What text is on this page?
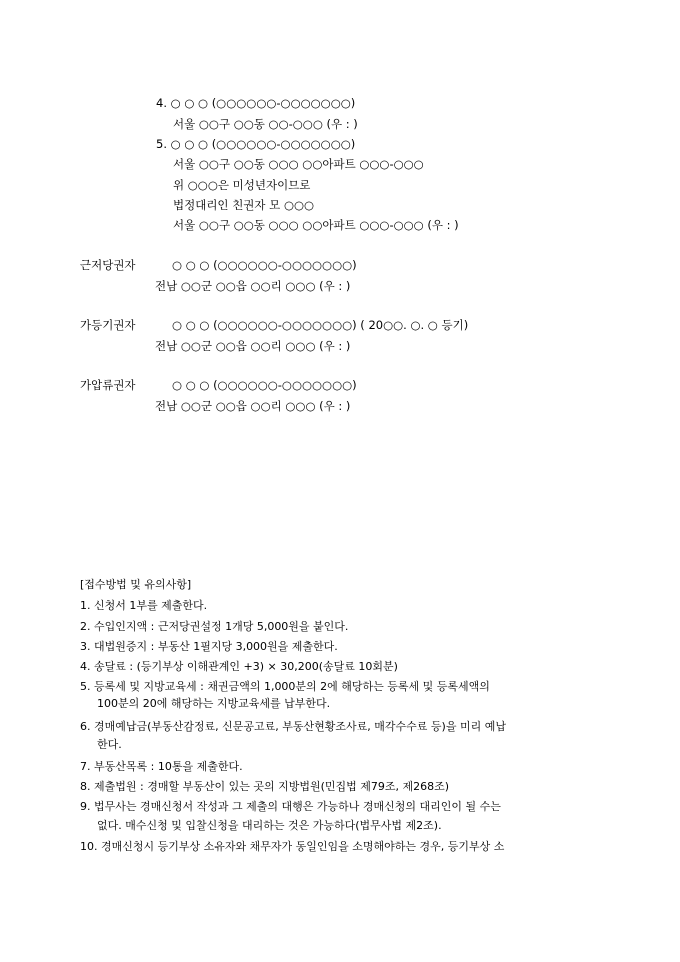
4. ○ ○ ○ (○○○○○○-○○○○○○○)
서울 ○○구 ○○동 ○○-○○○ (우 : )
5. ○ ○ ○ (○○○○○○-○○○○○○○)
서울 ○○구 ○○동 ○○○ ○○아파트 ○○○-○○○
위 ○○○은 미성년자이므로
법정대리인 친권자 모 ○○○
서울 ○○구 ○○동 ○○○ ○○아파트 ○○○-○○○ (우 : )
근저당권자	○ ○ ○ (○○○○○○-○○○○○○○)
전남 ○○군 ○○읍 ○○리 ○○○ (우 : )
가등기권자	○ ○ ○ (○○○○○○-○○○○○○○) ( 20○○. ○. ○ 등기)
전남 ○○군 ○○읍 ○○리 ○○○ (우 : )
가압류권자	○ ○ ○ (○○○○○○-○○○○○○○)
전남 ○○군 ○○읍 ○○리 ○○○ (우 : )
[접수방법 및 유의사항]
1. 신청서 1부를 제출한다.
2. 수입인지액 : 근저당권설정 1개당 5,000원을 붙인다.
3. 대법원증지 : 부동산 1필지당 3,000원을 제출한다.
4. 송달료 : (등기부상 이해관계인 +3) × 30,200(송달료 10회분)
5. 등록세 및 지방교육세 : 채권금액의 1,000분의 2에 해당하는 등록세 및 등록세액의
100분의 20에 해당하는 지방교육세를 납부한다.
6. 경매예납금(부동산감정료, 신문공고료, 부동산현황조사료, 매각수수료 등)을 미리 예납
한다.
7. 부동산목록 : 10통을 제출한다.
8. 제출법원 : 경매할 부동산이 있는 곳의 지방법원(민집법 제79조, 제268조)
9. 법무사는 경매신청서 작성과 그 제출의 대행은 가능하나 경매신청의 대리인이 될 수는
없다. 매수신청 및 입찰신청을 대리하는 것은 가능하다(법무사법 제2조).
10. 경매신청시 등기부상 소유자와 채무자가 동일인임을 소명해야하는 경우, 등기부상 소
